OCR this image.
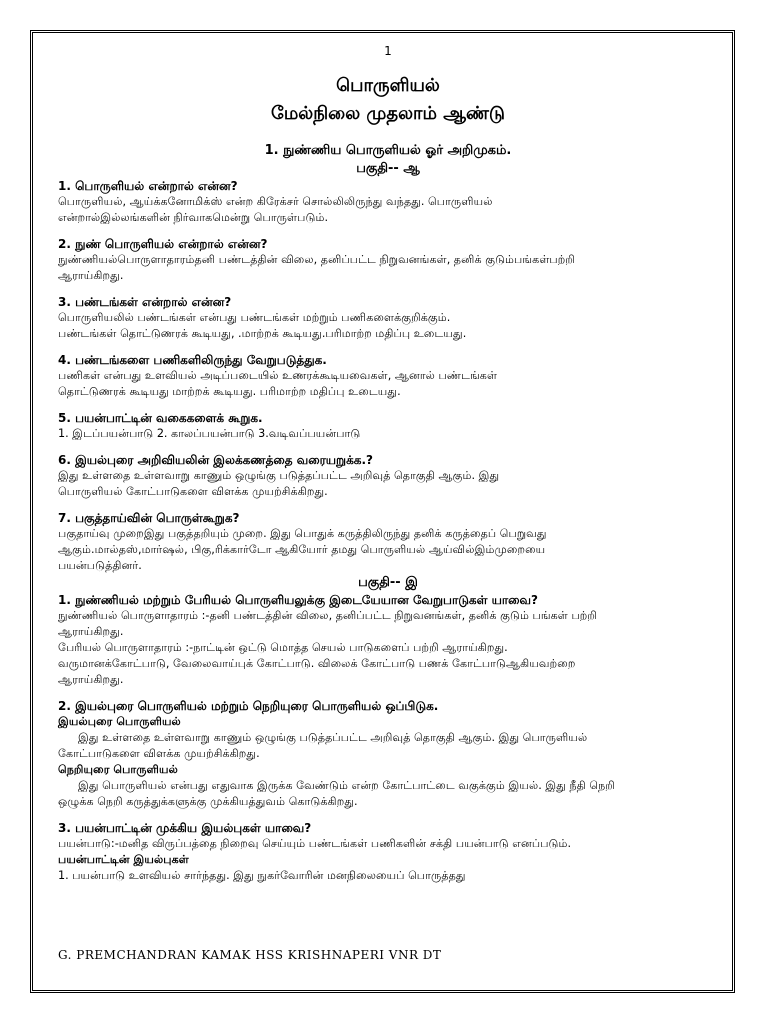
1
பொருளியல்
மேல்நிலை முதலாம் ஆண்டு
1. நுண்ணிய பொருளியல் ஓர் அறிமுகம்.
பகுதி-- ஆ
1. பொருளியல் என்றால் என்ன?
பொருளியல், ஆய்க்கனோமிக்ஸ் என்ற கிரேக்சர் சொல்லிலிருந்து வந்தது. பொருளியல்
என்றால்இல்லங்களின் நிர்வாகமென்று பொருள்படும்.
2. நுண் பொருளியல் என்றால் என்ன?
நுண்ணியல்பொருளாதாரம்தனி பண்டத்தின் விலை, தனிப்பட்ட நிறுவனங்கள், தனிக் குடும்பங்கள்பற்றி
ஆராய்கிறது.
3. பண்டங்கள் என்றால் என்ன?
பொருளியலில் பண்டங்கள் என்பது பண்டங்கள் மற்றும் பணிகளைக்குறிக்கும்.
பண்டங்கள் தொட்டுணரக் கூடியது, .மாற்றக் கூடியது.பரிமாற்ற மதிப்பு உடையது.
4. பண்டங்களை பணிகளிலிருந்து வேறுபடுத்துக.
பணிகள் என்பது உளவியல் அடிப்படையில் உணரக்கூடியவைகள், ஆனால் பண்டங்கள்
தொட்டுணரக் கூடியது மாற்றக் கூடியது. பரிமாற்ற மதிப்பு உடையது.
5. பயன்பாட்டின் வகைகளைக் கூறுக.
1. இடப்பயன்பாடு 2. காலப்பயன்பாடு 3.வடிவப்பயன்பாடு
6. இயல்புரை அறிவியலின் இலக்கணத்தை வரையறுக்க.?
இது உள்ளதை உள்ளவாறு காணும் ஒழுங்கு படுத்தப்பட்ட அறிவுத் தொகுதி ஆகும். இது
பொருளியல் கோட்பாடுகளை விளக்க முயற்சிக்கிறது.
7. பகுத்தாய்வின் பொருள்கூறுக?
பகுதாய்வு முறைஇது பகுத்தறியும் முறை. இது பொதுக் கருத்திலிருந்து தனிக் கருத்தைப் பெறுவது
ஆகும்.மால்தஸ்,மார்ஷல், பிகு,ரிக்கார்டோ ஆகியோர் தமது பொருளியல் ஆய்வில்இம்முறையை
பயன்படுத்தினர்.
பகுதி-- இ
1. நுண்ணியல் மற்றும் பேரியல் பொருளியலுக்கு இடையேயான வேறுபாடுகள் யாவை?
நுண்ணியல் பொருளாதாரம் :-தனி பண்டத்தின் விலை, தனிப்பட்ட நிறுவனங்கள், தனிக் குடும் பங்கள் பற்றி
ஆராய்கிறது.
பேரியல் பொருளாதாரம் :-நாட்டின் ஒட்டு மொத்த செயல் பாடுகளைப் பற்றி ஆராய்கிறது.
வருமானக்கோட்பாடு, வேலைவாய்புக் கோட்பாடு. விலைக் கோட்பாடு பணக் கோட்பாடுஆகியவற்றை
ஆராய்கிறது.
2. இயல்புரை பொருளியல் மற்றும் நெறியுரை பொருளியல் ஒப்பிடுக.
இயல்புரை பொருளியல்
இது உள்ளதை உள்ளவாறு காணும் ஒழுங்கு படுத்தப்பட்ட அறிவுத் தொகுதி ஆகும். இது பொருளியல்
கோட்பாடுகளை விளக்க முயற்சிக்கிறது.
நெறியுரை பொருளியல்
இது பொருளியல் என்பது எதுவாக இருக்க வேண்டும் என்ற கோட்பாட்டை வகுக்கும் இயல். இது நீதி நெறி
ஒழுக்க நெறி கருத்துக்களுக்கு முக்கியத்துவம் கொடுக்கிறது.
3. பயன்பாட்டின் முக்கிய இயல்புகள் யாவை?
பயன்பாடு:-மனித விருப்பத்தை நிறைவு செய்யும் பண்டங்கள் பணிகளின் சக்தி பயன்பாடு எனப்படும்.
பயன்பாட்டின் இயல்புகள்
1. பயன்பாடு உளவியல் சார்ந்தது. இது நுகர்வோரின் மனநிலையைப் பொருத்தது
G. PREMCHANDRAN KAMAK HSS KRISHNAPERI VNR DT
